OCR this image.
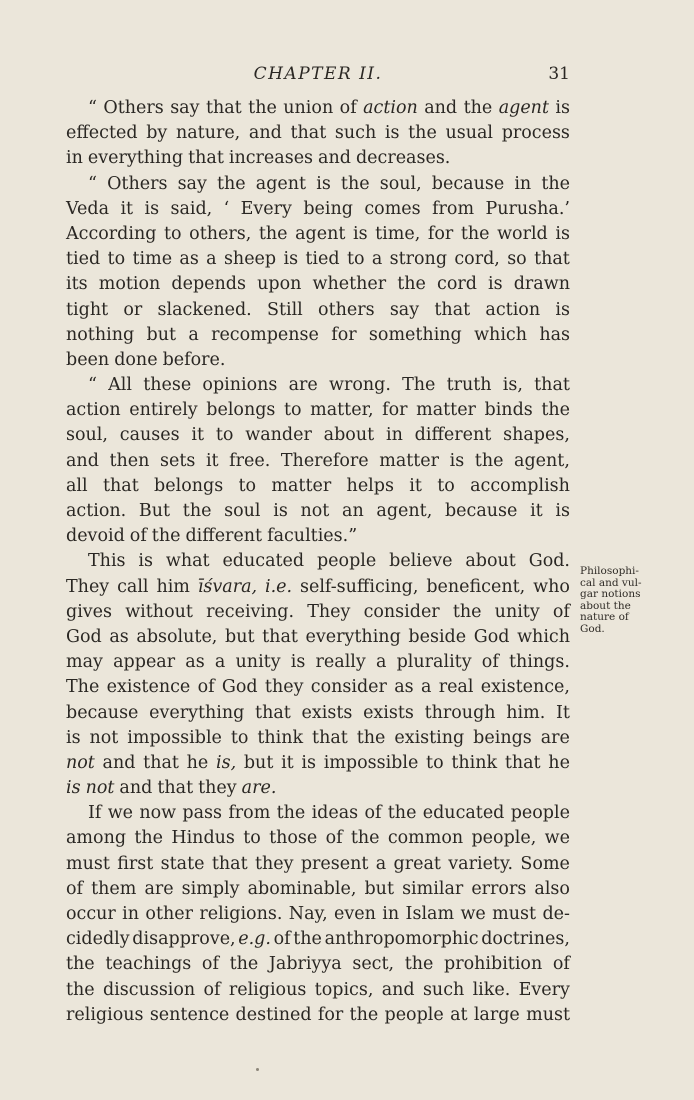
CHAPTER II.	31
“ Others say that the union of action and the agent is
effected by nature, and that such is the usual process
in everything that increases and decreases.
“ Others say the agent is the soul, because in the
Veda it is said, ‘ Every being comes from Purusha.’
According to others, the agent is time, for the world is
tied to time as a sheep is tied to a strong cord, so that
its motion depends upon whether the cord is drawn
tight or slackened. Still others say that action is
nothing but a recompense for something which has
been done before.
“ All these opinions are wrong. The truth is, that
action entirely belongs to matter, for matter binds the
soul, causes it to wander about in different shapes,
and then sets it free. Therefore matter is the agent,
all that belongs to matter helps it to accomplish
action. But the soul is not an agent, because it is
devoid of the different faculties.”
This is what educated people believe about God.
They call him īśvara, i.e. self-sufficing, beneficent, who
gives without receiving. They consider the unity of
God as absolute, but that everything beside God which
may appear as a unity is really a plurality of things.
The existence of God they consider as a real existence,
because everything that exists exists through him. It
is not impossible to think that the existing beings are
not and that he is, but it is impossible to think that he
is not and that they are.
If we now pass from the ideas of the educated people
among the Hindus to those of the common people, we
must first state that they present a great variety. Some
of them are simply abominable, but similar errors also
occur in other religions. Nay, even in Islam we must de-
cidedly disapprove, e.g. of the anthropomorphic doctrines,
the teachings of the Jabriyya sect, the prohibition of
the discussion of religious topics, and such like. Every
religious sentence destined for the people at large must
Philosophi-
cal and vul-
gar notions
about the
nature of
God.
